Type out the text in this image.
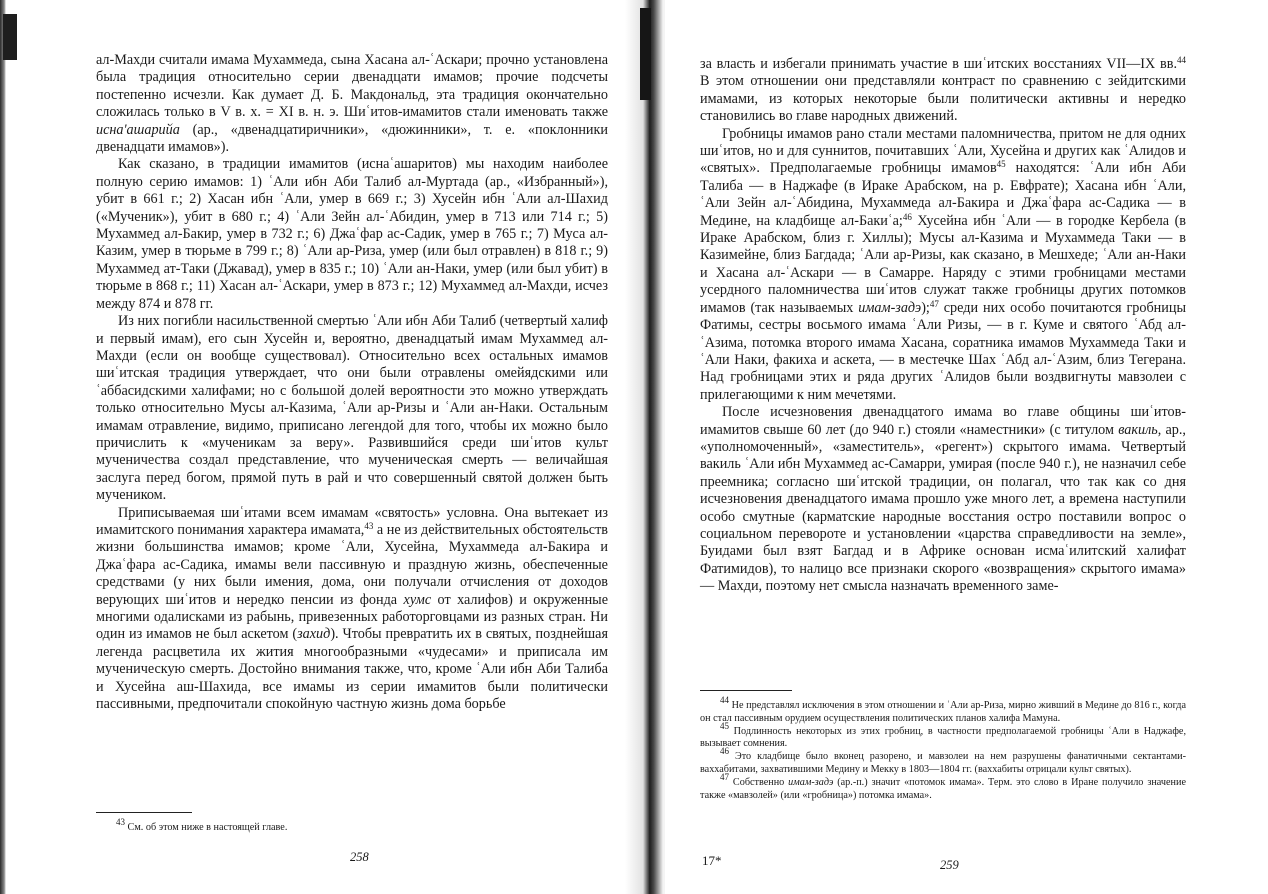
ал-Махди считали имама Мухаммеда, сына Хасана ал-ʿАскари; прочно установлена была традиция относительно серии двенадцати имамов; прочие подсчеты постепенно исчезли. Как думает Д. Б. Макдональд, эта традиция окончательно сложилась только в V в. х. = XI в. н. э. Шиʿитов-имамитов стали именовать также исна'ашарийа (ар., «двенадцатиричники», «дюжинники», т. е. «поклонники двенадцати имамов»).

Как сказано, в традиции имамитов (иснаʿашаритов) мы находим наиболее полную серию имамов: 1) ʿАли ибн Аби Талиб ал-Муртада (ар., «Избранный»), убит в 661 г.; 2) Хасан ибн ʿАли, умер в 669 г.; 3) Хусейн ибн ʿАли ал-Шахид («Мученик»), убит в 680 г.; 4) ʿАли Зейн ал-ʿАбидин, умер в 713 или 714 г.; 5) Мухаммед ал-Бакир, умер в 732 г.; 6) Джаʿфар ас-Садик, умер в 765 г.; 7) Муса ал-Казим, умер в тюрьме в 799 г.; 8) ʿАли ар-Риза, умер (или был отравлен) в 818 г.; 9) Мухаммед ат-Таки (Джавад), умер в 835 г.; 10) ʿАли ан-Наки, умер (или был убит) в тюрьме в 868 г.; 11) Хасан ал-ʿАскари, умер в 873 г.; 12) Мухаммед ал-Махди, исчез между 874 и 878 гг.

Из них погибли насильственной смертью ʿАли ибн Аби Талиб (четвертый халиф и первый имам), его сын Хусейн и, вероятно, двенадцатый имам Мухаммед ал-Махди (если он вообще существовал). Относительно всех остальных имамов шиʿитская традиция утверждает, что они были отравлены омейядскими или ʿаббасидскими халифами; но с большой долей вероятности это можно утверждать только относительно Мусы ал-Казима, ʿАли ар-Ризы и ʿАли ан-Наки. Остальным имамам отравление, видимо, приписано легендой для того, чтобы их можно было причислить к «мученикам за веру». Развившийся среди шиʿитов культ мученичества создал представление, что мученическая смерть — величайшая заслуга перед богом, прямой путь в рай и что совершенный святой должен быть мучеником.

Приписываемая шиʿитами всем имамам «святость» условна. Она вытекает из имамитского понимания характера имамата,$^{43}$ а не из действительных обстоятельств жизни большинства имамов; кроме ʿАли, Хусейна, Мухаммеда ал-Бакира и Джаʿфара ас-Садика, имамы вели пассивную и праздную жизнь, обеспеченные средствами (у них были имения, дома, они получали отчисления от доходов верующих шиʿитов и нередко пенсии из фонда хумс от халифов) и окруженные многими одалисками из рабынь, привезенных работорговцами из разных стран. Ни один из имамов не был аскетом (захид). Чтобы превратить их в святых, позднейшая легенда расцветила их жития многообразными «чудесами» и приписала им мученическую смерть. Достойно внимания также, что, кроме ʿАли ибн Аби Талиба и Хусейна аш-Шахида, все имамы из серии имамитов были политически пассивными, предпочитали спокойную частную жизнь дома борьбе

$^{43}$ См. об этом ниже в настоящей главе.

258

за власть и избегали принимать участие в шиʿитских восстаниях VII—IX вв.$^{44}$ В этом отношении они представляли контраст по сравнению с зейдитскими имамами, из которых некоторые были политически активны и нередко становились во главе народных движений.

Гробницы имамов рано стали местами паломничества, притом не для одних шиʿитов, но и для суннитов, почитавших ʿАли, Хусейна и других как ʿАлидов и «святых». Предполагаемые гробницы имамов$^{45}$ находятся: ʿАли ибн Аби Талиба — в Наджафе (в Ираке Арабском, на р. Евфрате); Хасана ибн ʿАли, ʿАли Зейн ал-ʿАбидина, Мухаммеда ал-Бакира и Джаʿфара ас-Садика — в Медине, на кладбище ал-Бакиʿа;$^{46}$ Хусейна ибн ʿАли — в городке Кербела (в Ираке Арабском, близ г. Хиллы); Мусы ал-Казима и Мухаммеда Таки — в Казимейне, близ Багдада; ʿАли ар-Ризы, как сказано, в Мешхеде; ʿАли ан-Наки и Хасана ал-ʿАскари — в Самарре. Наряду с этими гробницами местами усердного паломничества шиʿитов служат также гробницы других потомков имамов (так называемых имам-задэ);$^{47}$ среди них особо почитаются гробницы Фатимы, сестры восьмого имама ʿАли Ризы, — в г. Куме и святого ʿАбд ал-ʿАзима, потомка второго имама Хасана, соратника имамов Мухаммеда Таки и ʿАли Наки, факиха и аскета, — в местечке Шах ʿАбд ал-ʿАзим, близ Тегерана. Над гробницами этих и ряда других ʿАлидов были воздвигнуты мавзолеи с прилегающими к ним мечетями.

После исчезновения двенадцатого имама во главе общины шиʿитов-имамитов свыше 60 лет (до 940 г.) стояли «наместники» (с титулом вакиль, ар., «уполномоченный», «заместитель», «регент») скрытого имама. Четвертый вакиль ʿАли ибн Мухаммед ас-Самарри, умирая (после 940 г.), не назначил себе преемника; согласно шиʿитской традиции, он полагал, что так как со дня исчезновения двенадцатого имама прошло уже много лет, а времена наступили особо смутные (карматские народные восстания остро поставили вопрос о социальном перевороте и установлении «царства справедливости на земле», Буидами был взят Багдад и в Африке основан исмаʿилитский халифат Фатимидов), то налицо все признаки скорого «возвращения» скрытого имама» — Махди, поэтому нет смысла назначать временного заме-

$^{44}$ Не представлял исключения в этом отношении и ʿАли ар-Риза, мирно живший в Медине до 816 г., когда он стал пассивным орудием осуществления политических планов халифа Мамуна.

$^{45}$ Подлинность некоторых из этих гробниц, в частности предполагаемой гробницы ʿАли в Наджафе, вызывает сомнения.

$^{46}$ Это кладбище было вконец разорено, и мавзолеи на нем разрушены фанатичными сектантами-ваххабитами, захватившими Медину и Мекку в 1803—1804 гг. (ваххабиты отрицали культ святых).

$^{47}$ Собственно имам-задэ (ар.-п.) значит «потомок имама». Терм. это слово в Иране получило значение также «мавзолей» (или «гробница») потомка имама».

17*	259
